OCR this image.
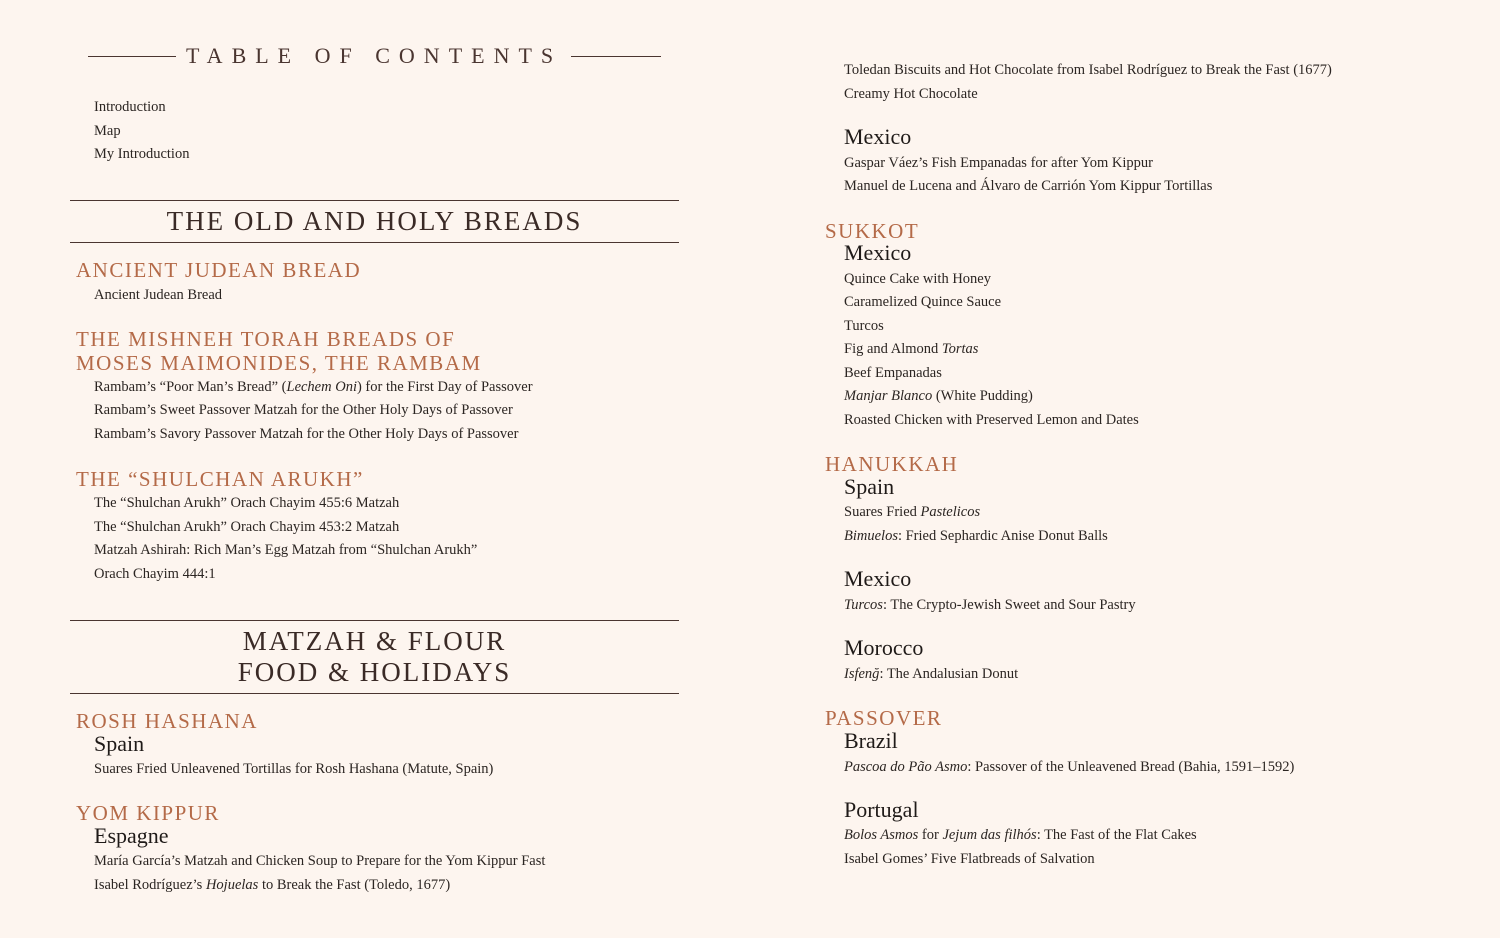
TABLE OF CONTENTS
Introduction
Map
My Introduction
THE OLD AND HOLY BREADS
ANCIENT JUDEAN BREAD
Ancient Judean Bread
THE MISHNEH TORAH BREADS OF
MOSES MAIMONIDES, THE RAMBAM
Rambam’s “Poor Man’s Bread” (Lechem Oni) for the First Day of Passover
Rambam’s Sweet Passover Matzah for the Other Holy Days of Passover
Rambam’s Savory Passover Matzah for the Other Holy Days of Passover
THE “SHULCHAN ARUKH”
The “Shulchan Arukh” Orach Chayim 455:6 Matzah
The “Shulchan Arukh” Orach Chayim 453:2 Matzah
Matzah Ashirah: Rich Man’s Egg Matzah from “Shulchan Arukh”
Orach Chayim 444:1
MATZAH & FLOUR
FOOD & HOLIDAYS
ROSH HASHANA
Spain
Suares Fried Unleavened Tortillas for Rosh Hashana (Matute, Spain)
YOM KIPPUR
Espagne
María García’s Matzah and Chicken Soup to Prepare for the Yom Kippur Fast
Isabel Rodríguez’s Hojuelas to Break the Fast (Toledo, 1677)
Toledan Biscuits and Hot Chocolate from Isabel Rodríguez to Break the Fast (1677)
Creamy Hot Chocolate
Mexico
Gaspar Váez’s Fish Empanadas for after Yom Kippur
Manuel de Lucena and Álvaro de Carrión Yom Kippur Tortillas
SUKKOT
Mexico
Quince Cake with Honey
Caramelized Quince Sauce
Turcos
Fig and Almond Tortas
Beef Empanadas
Manjar Blanco (White Pudding)
Roasted Chicken with Preserved Lemon and Dates
HANUKKAH
Spain
Suares Fried Pastelicos
Bimuelos: Fried Sephardic Anise Donut Balls
Mexico
Turcos: The Crypto-Jewish Sweet and Sour Pastry
Morocco
Isfenğ: The Andalusian Donut
PASSOVER
Brazil
Pascoa do Pão Asmo: Passover of the Unleavened Bread (Bahia, 1591–1592)
Portugal
Bolos Asmos for Jejum das filhós: The Fast of the Flat Cakes
Isabel Gomes’ Five Flatbreads of Salvation
